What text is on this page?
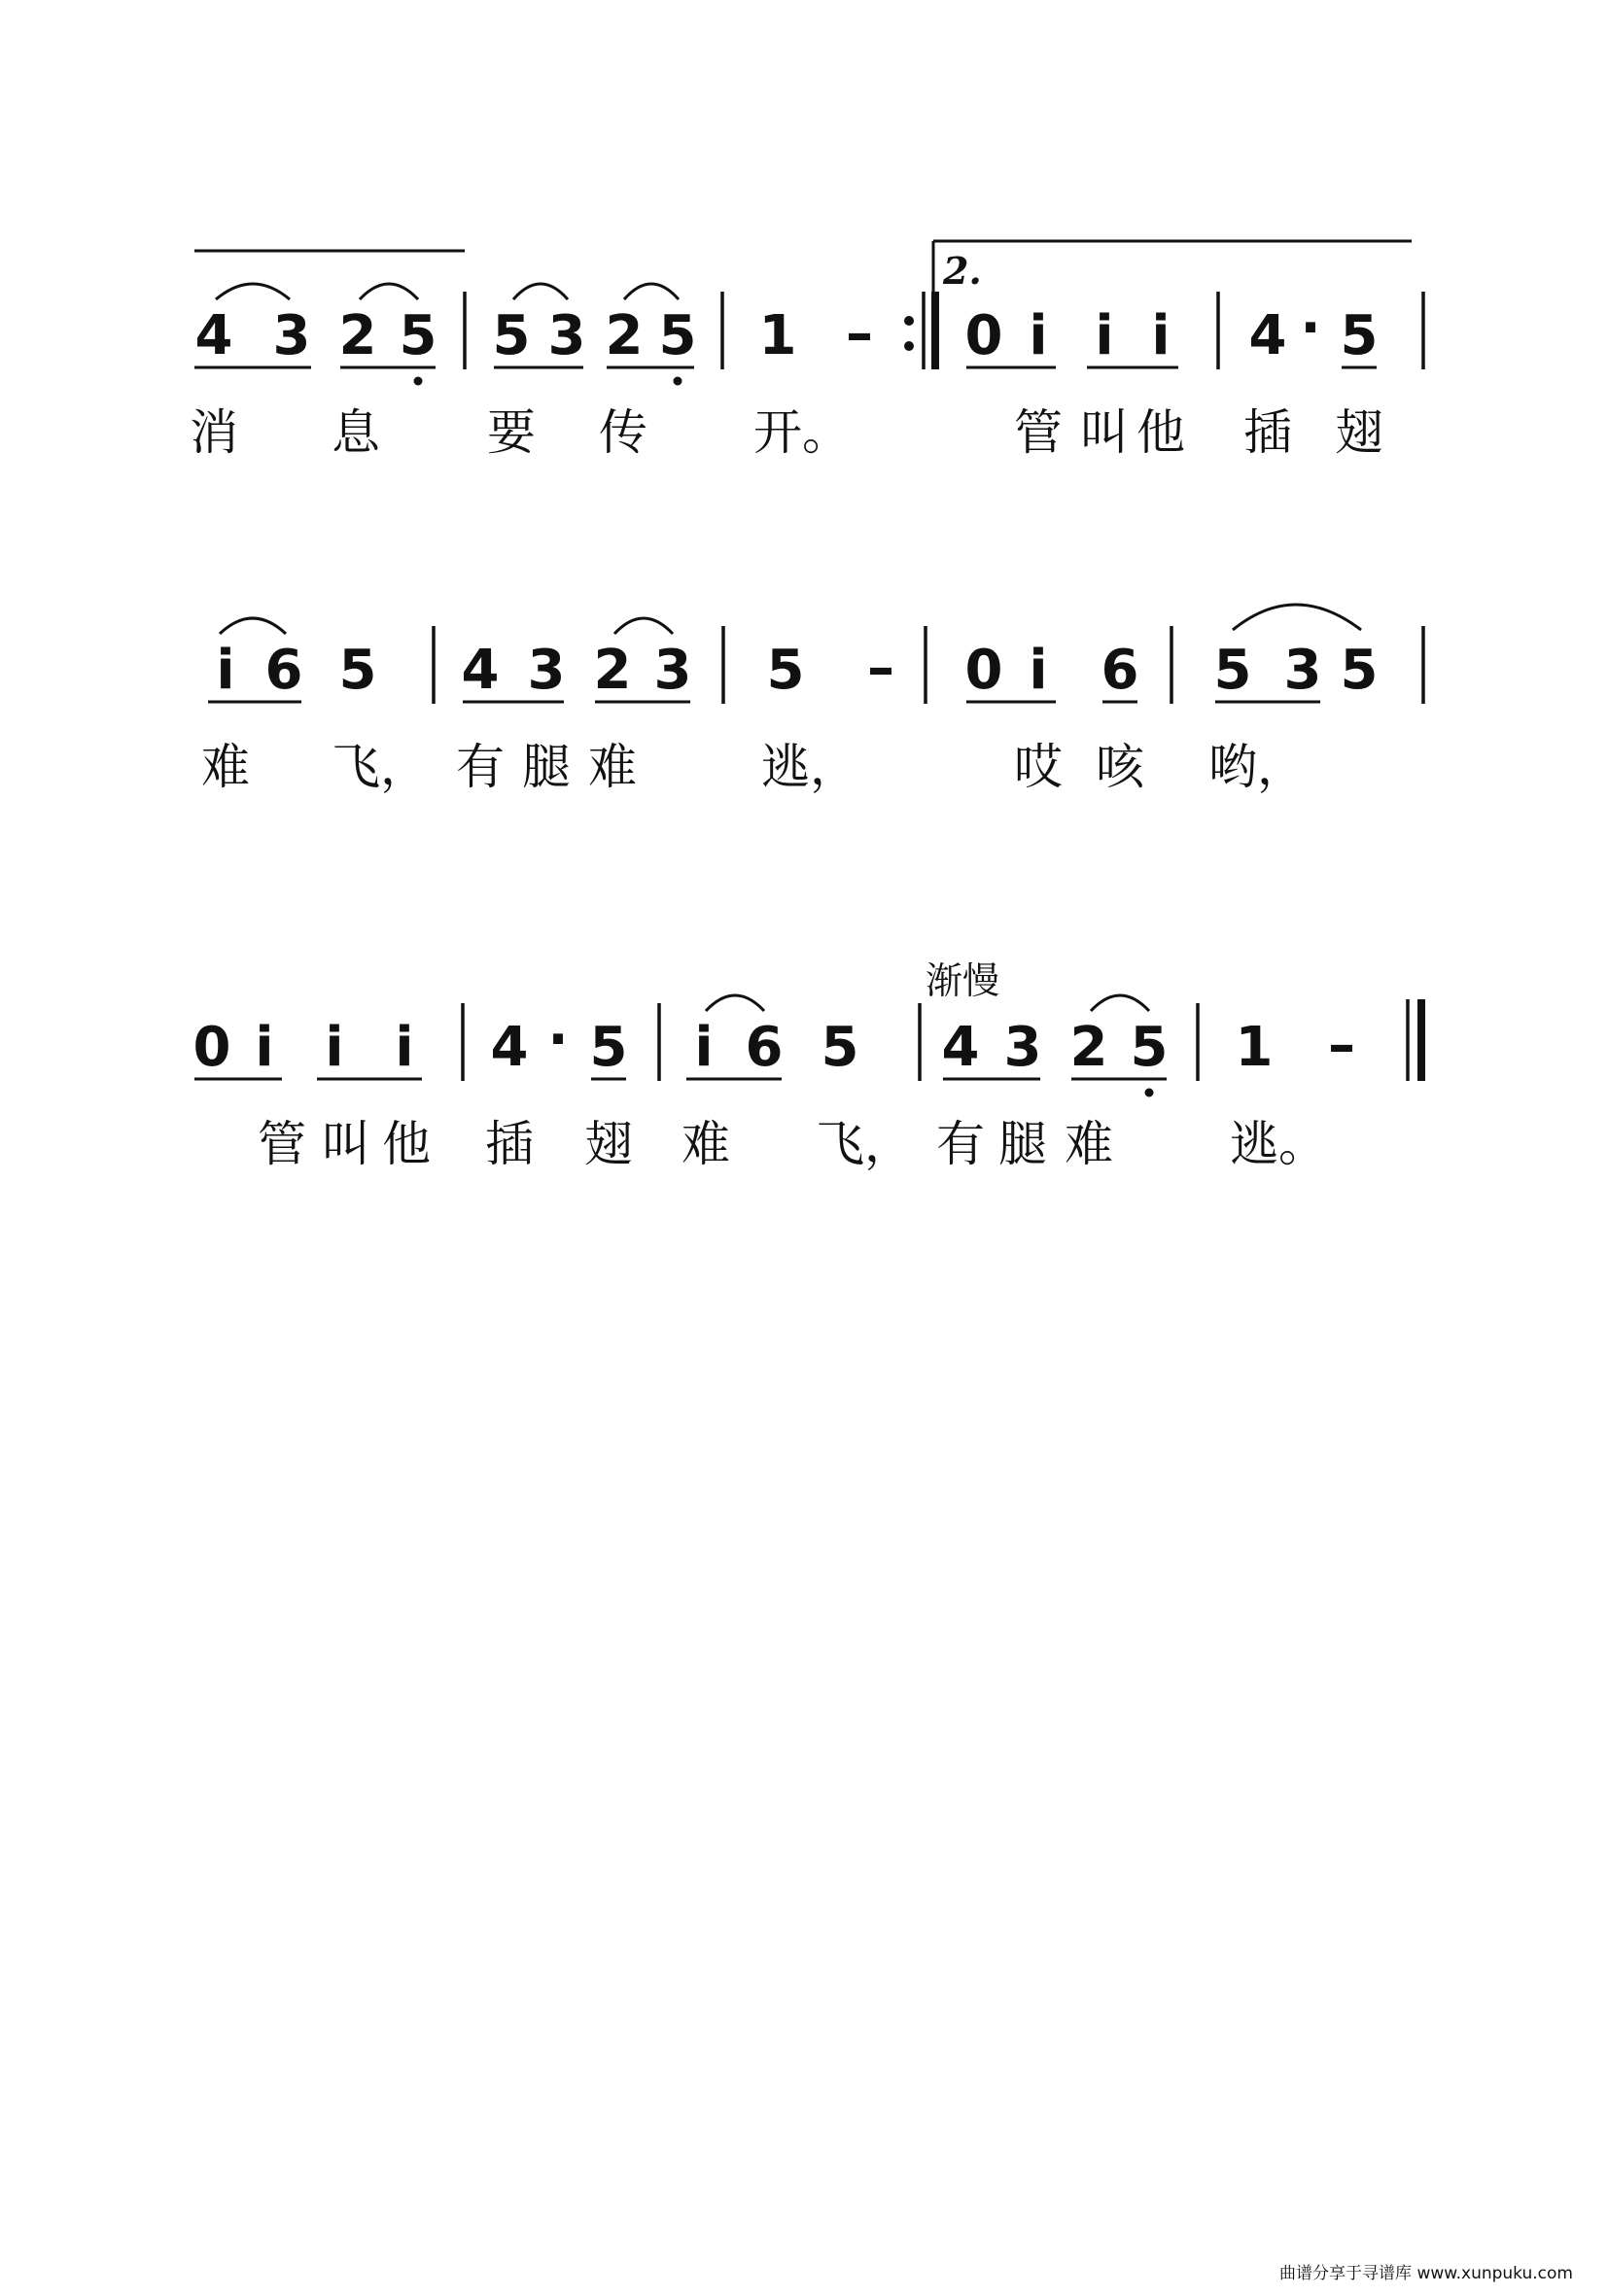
4 3 2 5 5 3 2 5 1 – 0 i i i 4 · 5
2.
消 息 要 传 开。	管 叫 他 插 翅
i 6 5 4 3 2 3 5 – 0 i 6 5 3 5
难 飞， 有 腿 难	逃，	哎 咳 哟，
渐慢
0 i i i 4 · 5 i 6 5 4 3 2 5 1 –
管 叫 他 插 翅 难 飞， 有 腿 难 逃。
曲谱分享于寻谱库 www.xunpuku.com
